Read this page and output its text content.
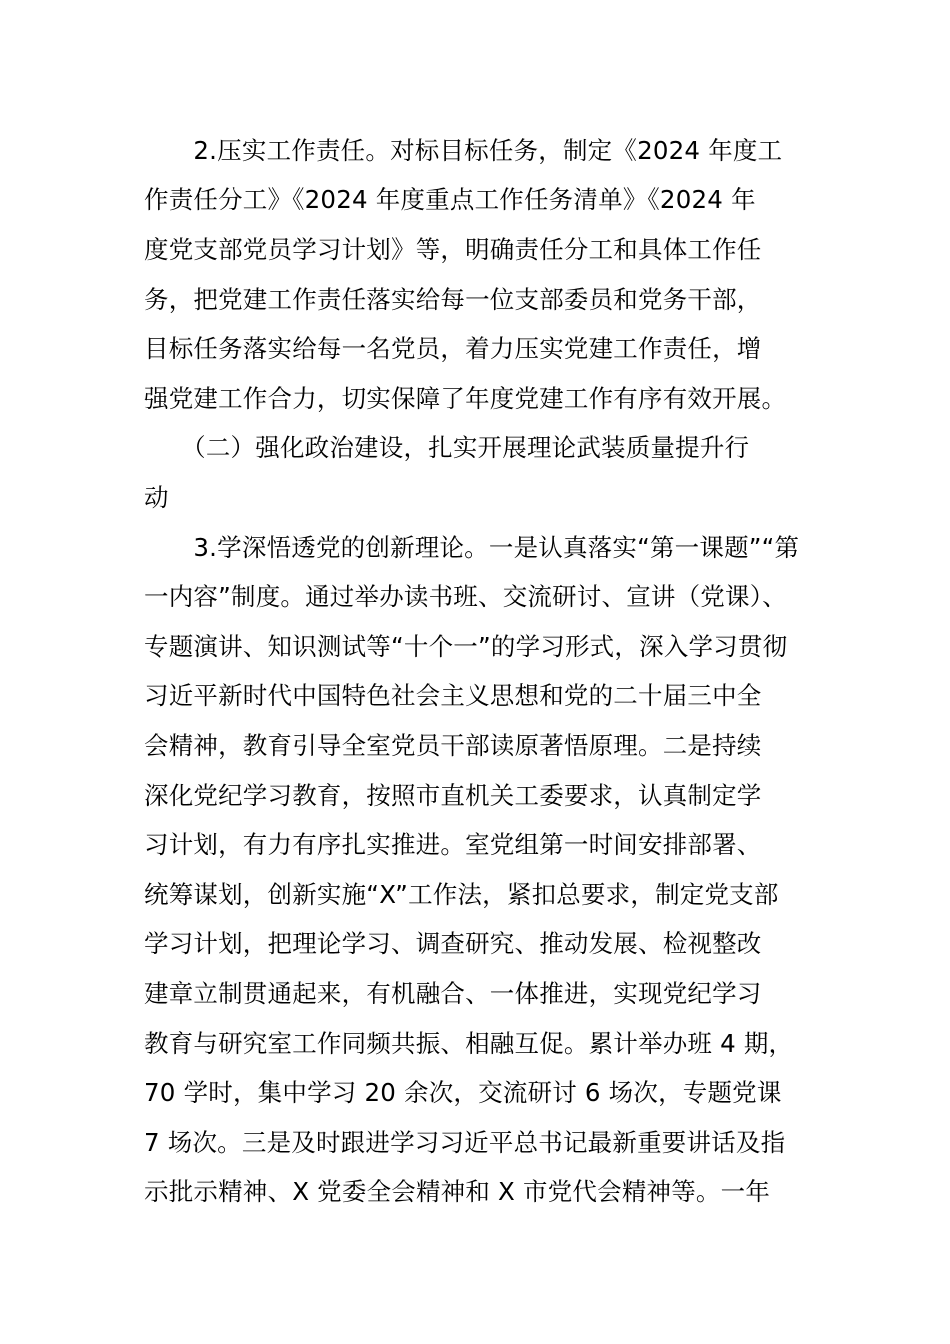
　　2.压实工作责任。对标目标任务，制定《2024 年度工
作责任分工》《2024 年度重点工作任务清单》《2024 年
度党支部党员学习计划》等，明确责任分工和具体工作任
务，把党建工作责任落实给每一位支部委员和党务干部，
目标任务落实给每一名党员，着力压实党建工作责任，增
强党建工作合力，切实保障了年度党建工作有序有效开展。
　　（二）强化政治建设，扎实开展理论武装质量提升行
动
　　3.学深悟透党的创新理论。一是认真落实“第一课题”“第
一内容”制度。通过举办读书班、交流研讨、宣讲（党课）、
专题演讲、知识测试等“十个一”的学习形式，深入学习贯彻
习近平新时代中国特色社会主义思想和党的二十届三中全
会精神，教育引导全室党员干部读原著悟原理。二是持续
深化党纪学习教育，按照市直机关工委要求，认真制定学
习计划，有力有序扎实推进。室党组第一时间安排部署、
统筹谋划，创新实施“X”工作法，紧扣总要求，制定党支部
学习计划，把理论学习、调查研究、推动发展、检视整改
建章立制贯通起来，有机融合、一体推进，实现党纪学习
教育与研究室工作同频共振、相融互促。累计举办班 4 期，
70 学时，集中学习 20 余次，交流研讨 6 场次，专题党课
7 场次。三是及时跟进学习习近平总书记最新重要讲话及指
示批示精神、X 党委全会精神和 X 市党代会精神等。一年
